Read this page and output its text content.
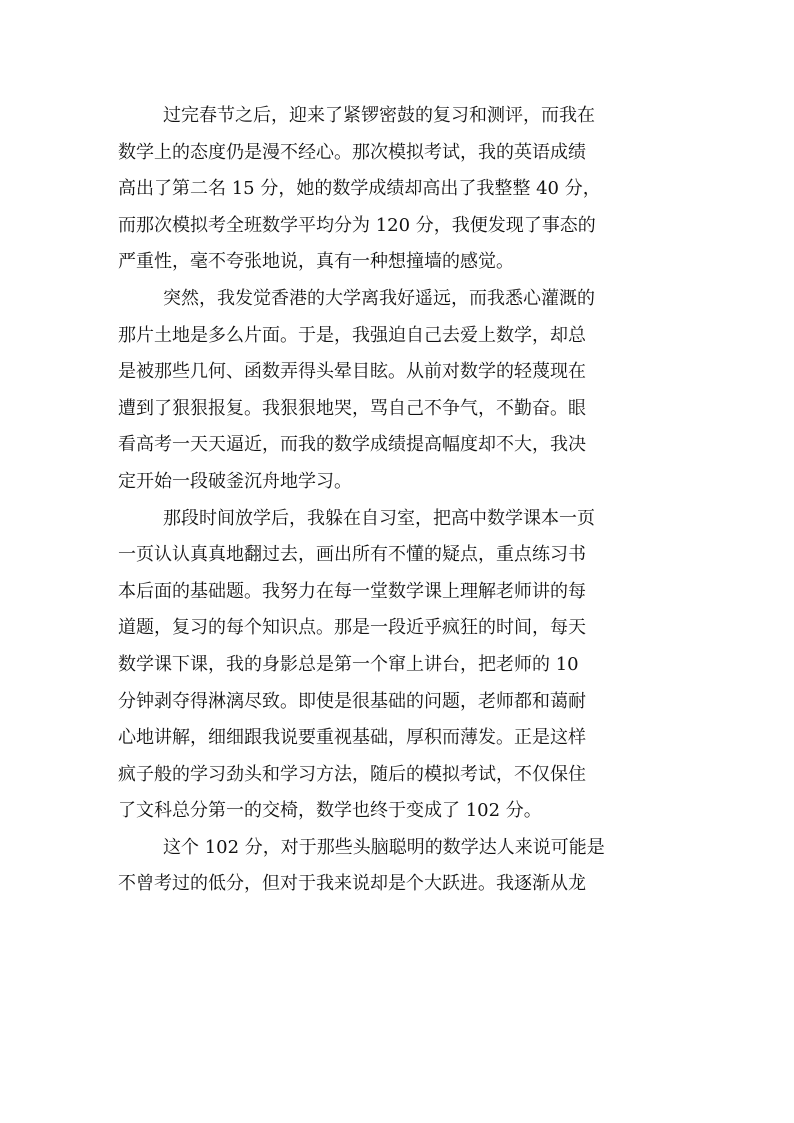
过完春节之后，迎来了紧锣密鼓的复习和测评，而我在
数学上的态度仍是漫不经心。那次模拟考试，我的英语成绩
高出了第二名 15 分，她的数学成绩却高出了我整整 40 分，
而那次模拟考全班数学平均分为 120 分，我便发现了事态的
严重性，毫不夸张地说，真有一种想撞墙的感觉。

突然，我发觉香港的大学离我好遥远，而我悉心灌溉的
那片土地是多么片面。于是，我强迫自己去爱上数学，却总
是被那些几何、函数弄得头晕目眩。从前对数学的轻蔑现在
遭到了狠狠报复。我狠狠地哭，骂自己不争气，不勤奋。眼
看高考一天天逼近，而我的数学成绩提高幅度却不大，我决
定开始一段破釜沉舟地学习。

那段时间放学后，我躲在自习室，把高中数学课本一页
一页认认真真地翻过去，画出所有不懂的疑点，重点练习书
本后面的基础题。我努力在每一堂数学课上理解老师讲的每
道题，复习的每个知识点。那是一段近乎疯狂的时间，每天
数学课下课，我的身影总是第一个窜上讲台，把老师的 10
分钟剥夺得淋漓尽致。即使是很基础的问题，老师都和蔼耐
心地讲解，细细跟我说要重视基础，厚积而薄发。正是这样
疯子般的学习劲头和学习方法，随后的模拟考试，不仅保住
了文科总分第一的交椅，数学也终于变成了 102 分。

这个 102 分，对于那些头脑聪明的数学达人来说可能是
不曾考过的低分，但对于我来说却是个大跃进。我逐渐从龙
